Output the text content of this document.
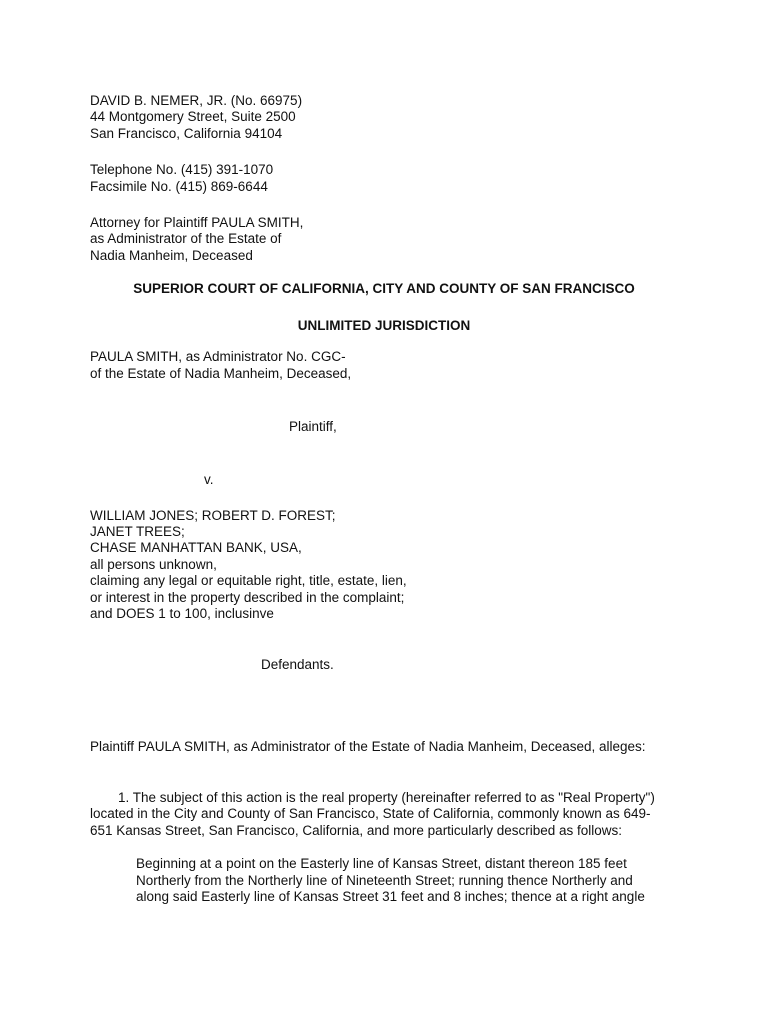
DAVID B. NEMER, JR. (No. 66975)
44 Montgomery Street, Suite 2500
San Francisco, California 94104
Telephone No. (415) 391-1070
Facsimile No. (415) 869-6644
Attorney for Plaintiff PAULA SMITH,
as Administrator of the Estate of
Nadia Manheim, Deceased
SUPERIOR COURT OF CALIFORNIA, CITY AND COUNTY OF SAN FRANCISCO
UNLIMITED JURISDICTION
PAULA SMITH, as Administrator No. CGC-
of the Estate of Nadia Manheim, Deceased,
Plaintiff,
v.
WILLIAM JONES; ROBERT D. FOREST;
JANET TREES;
CHASE MANHATTAN BANK, USA,
all persons unknown,
claiming any legal or equitable right, title, estate, lien,
or interest in the property described in the complaint;
and DOES 1 to 100, inclusinve
Defendants.
Plaintiff PAULA SMITH, as Administrator of the Estate of Nadia Manheim, Deceased, alleges:
1. The subject of this action is the real property (hereinafter referred to as "Real Property")
located in the City and County of San Francisco, State of California, commonly known as 649-
651 Kansas Street, San Francisco, California, and more particularly described as follows:
Beginning at a point on the Easterly line of Kansas Street, distant thereon 185 feet
Northerly from the Northerly line of Nineteenth Street; running thence Northerly and
along said Easterly line of Kansas Street 31 feet and 8 inches; thence at a right angle
